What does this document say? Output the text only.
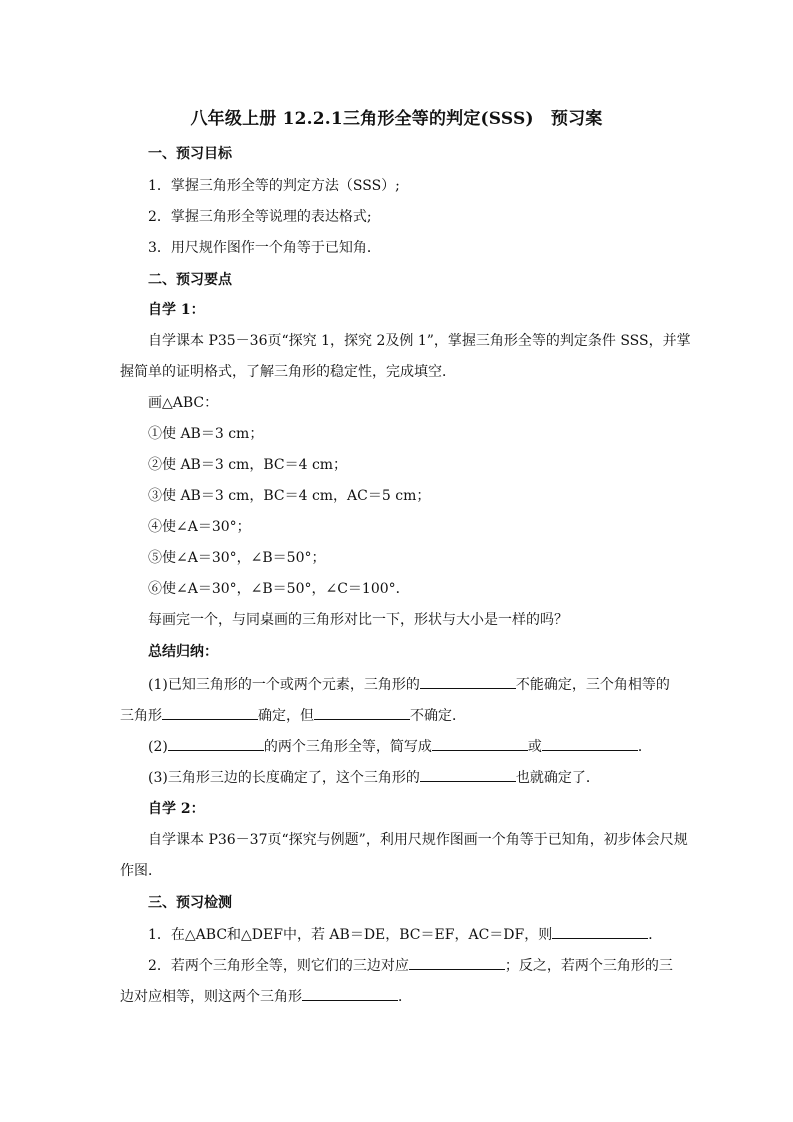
八年级上册 12.2.1三角形全等的判定(SSS)　预习案
一、预习目标
1．掌握三角形全等的判定方法（SSS）;
2．掌握三角形全等说理的表达格式;
3．用尺规作图作一个角等于已知角．
二、预习要点
自学 1：
自学课本 P35－36页“探究 1，探究 2及例 1”，掌握三角形全等的判定条件 SSS，并掌
握简单的证明格式，了解三角形的稳定性，完成填空．
画△ABC：
①使 AB＝3 cm；
②使 AB＝3 cm，BC＝4 cm；
③使 AB＝3 cm，BC＝4 cm，AC＝5 cm；
④使∠A＝30°；
⑤使∠A＝30°，∠B＝50°；
⑥使∠A＝30°，∠B＝50°，∠C＝100°．
每画完一个，与同桌画的三角形对比一下，形状与大小是一样的吗？
总结归纳：
(1)已知三角形的一个或两个元素，三角形的	不能确定，三个角相等的
三角形	确定，但	不确定．
(2)	的两个三角形全等，简写成	或	．
(3)三角形三边的长度确定了，这个三角形的	也就确定了．
自学 2：
自学课本 P36－37页“探究与例题”，利用尺规作图画一个角等于已知角，初步体会尺规
作图．
三、预习检测
1．在△ABC和△DEF中，若 AB＝DE，BC＝EF，AC＝DF，则	．
2．若两个三角形全等，则它们的三边对应	；反之，若两个三角形的三
边对应相等，则这两个三角形	．
